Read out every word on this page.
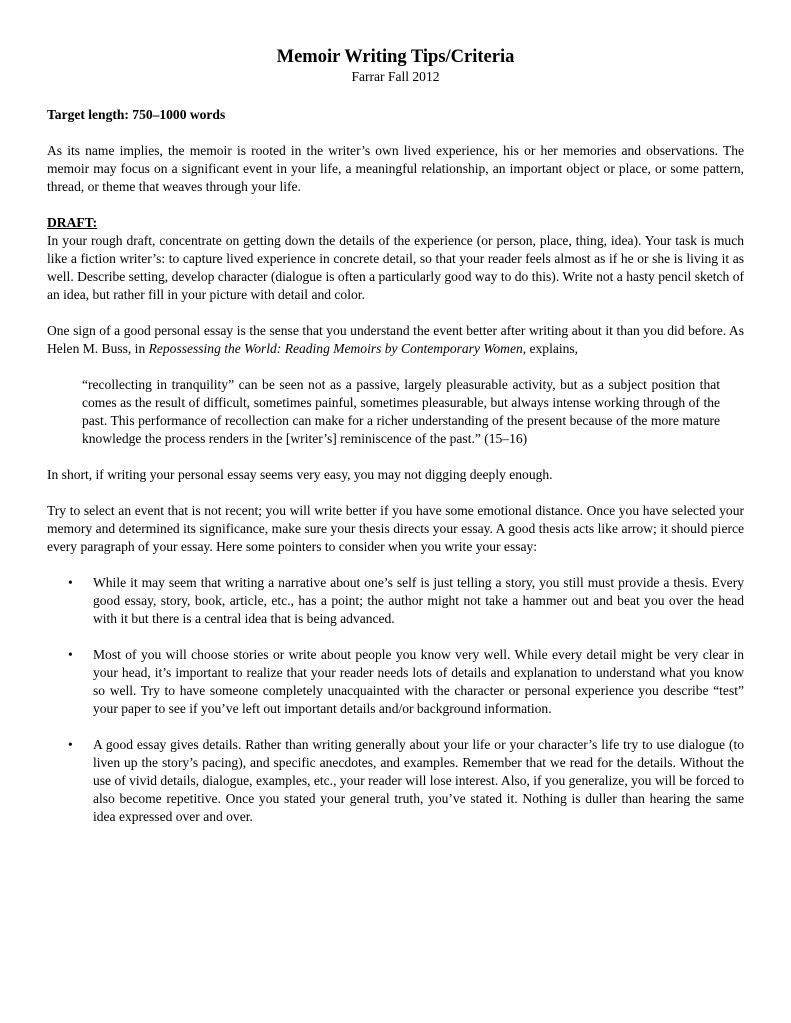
Memoir Writing Tips/Criteria
Farrar Fall 2012

Target length: 750–1000 words

As its name implies, the memoir is rooted in the writer’s own lived experience, his or her memories and observations. The memoir may focus on a significant event in your life, a meaningful relationship, an important object or place, or some pattern, thread, or theme that weaves through your life.

DRAFT:

In your rough draft, concentrate on getting down the details of the experience (or person, place, thing, idea). Your task is much like a fiction writer’s: to capture lived experience in concrete detail, so that your reader feels almost as if he or she is living it as well. Describe setting, develop character (dialogue is often a particularly good way to do this). Write not a hasty pencil sketch of an idea, but rather fill in your picture with detail and color.

One sign of a good personal essay is the sense that you understand the event better after writing about it than you did before. As Helen M. Buss, in Repossessing the World: Reading Memoirs by Contemporary Women, explains,

“recollecting in tranquility” can be seen not as a passive, largely pleasurable activity, but as a subject position that comes as the result of difficult, sometimes painful, sometimes pleasurable, but always intense working through of the past. This performance of recollection can make for a richer understanding of the present because of the more mature knowledge the process renders in the [writer’s] reminiscence of the past.” (15–16)

In short, if writing your personal essay seems very easy, you may not digging deeply enough.

Try to select an event that is not recent; you will write better if you have some emotional distance. Once you have selected your memory and determined its significance, make sure your thesis directs your essay. A good thesis acts like arrow; it should pierce every paragraph of your essay. Here some pointers to consider when you write your essay:

• While it may seem that writing a narrative about one’s self is just telling a story, you still must provide a thesis. Every good essay, story, book, article, etc., has a point; the author might not take a hammer out and beat you over the head with it but there is a central idea that is being advanced.
• Most of you will choose stories or write about people you know very well. While every detail might be very clear in your head, it’s important to realize that your reader needs lots of details and explanation to understand what you know so well. Try to have someone completely unacquainted with the character or personal experience you describe “test” your paper to see if you’ve left out important details and/or background information.
• A good essay gives details. Rather than writing generally about your life or your character’s life try to use dialogue (to liven up the story’s pacing), and specific anecdotes, and examples. Remember that we read for the details. Without the use of vivid details, dialogue, examples, etc., your reader will lose interest. Also, if you generalize, you will be forced to also become repetitive. Once you stated your general truth, you’ve stated it. Nothing is duller than hearing the same idea expressed over and over.
